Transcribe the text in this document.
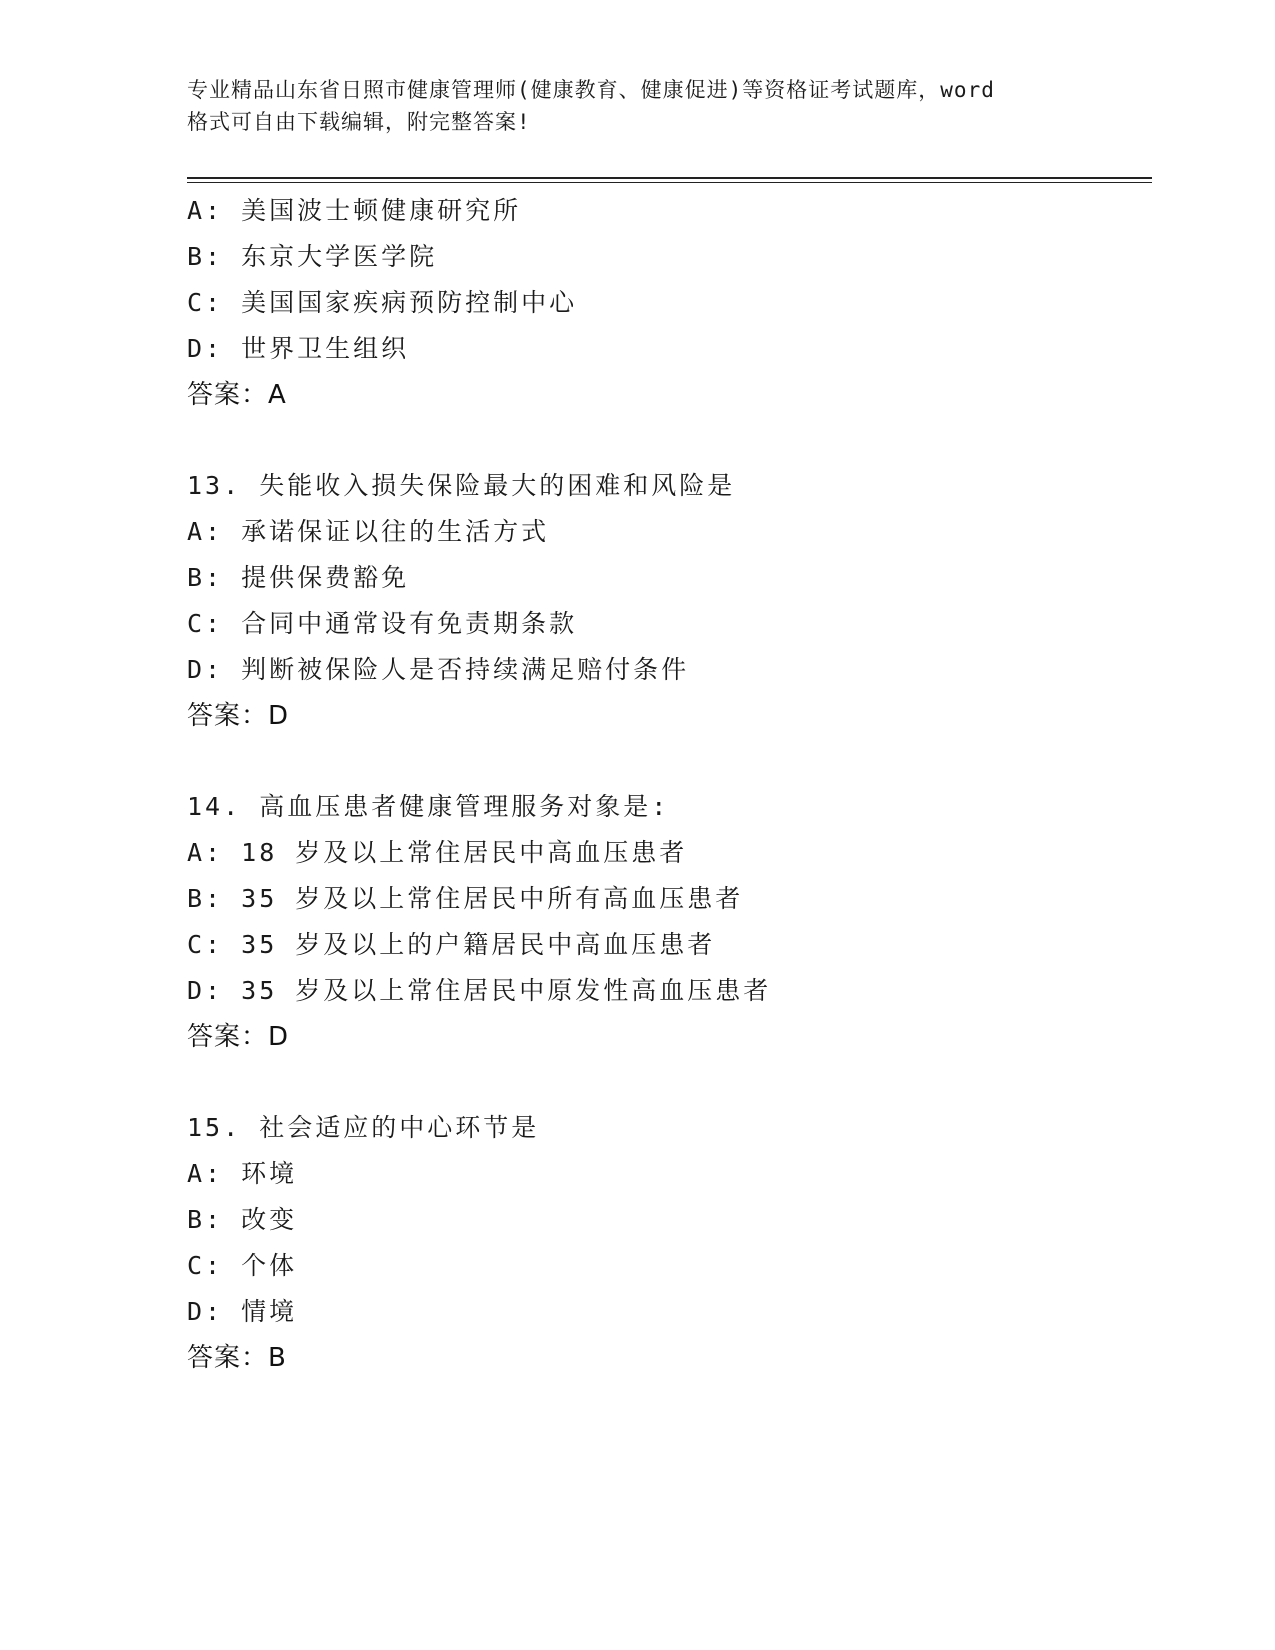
专业精品山东省日照市健康管理师(健康教育、健康促进)等资格证考试题库，word
格式可自由下载编辑，附完整答案!
A: 美国波士顿健康研究所
B: 东京大学医学院
C: 美国国家疾病预防控制中心
D: 世界卫生组织
答案：A
13. 失能收入损失保险最大的困难和风险是
A: 承诺保证以往的生活方式
B: 提供保费豁免
C: 合同中通常设有免责期条款
D: 判断被保险人是否持续满足赔付条件
答案：D
14. 高血压患者健康管理服务对象是:
A: 18 岁及以上常住居民中高血压患者
B: 35 岁及以上常住居民中所有高血压患者
C: 35 岁及以上的户籍居民中高血压患者
D: 35 岁及以上常住居民中原发性高血压患者
答案：D
15. 社会适应的中心环节是
A: 环境
B: 改变
C: 个体
D: 情境
答案：B
